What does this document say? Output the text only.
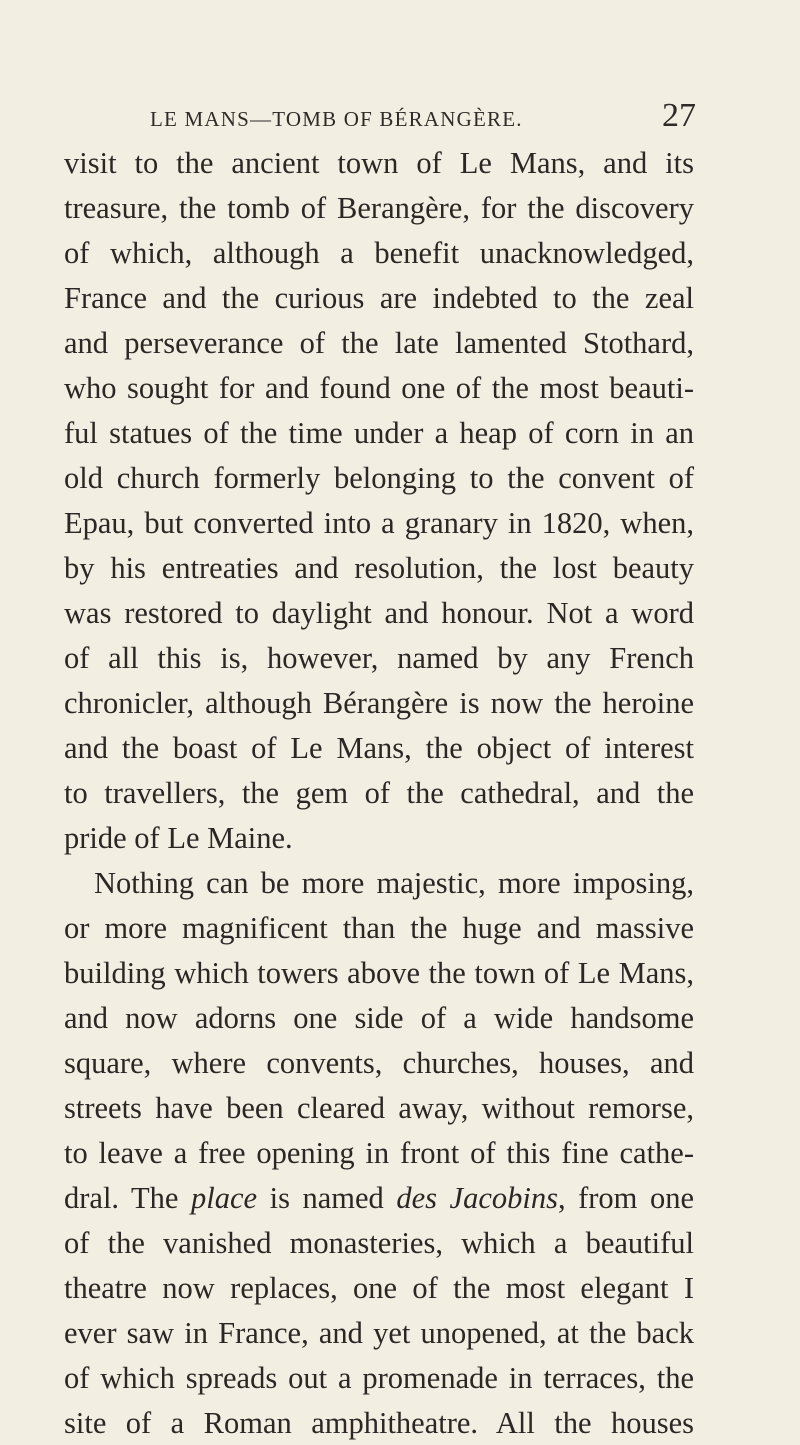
LE MANS—TOMB OF BÉRANGÈRE.	27
visit to the ancient town of Le Mans, and its
treasure, the tomb of Berangère, for the discovery
of which, although a benefit unacknowledged,
France and the curious are indebted to the zeal
and perseverance of the late lamented Stothard,
who sought for and found one of the most beauti-
ful statues of the time under a heap of corn in an
old church formerly belonging to the convent of
Epau, but converted into a granary in 1820, when,
by his entreaties and resolution, the lost beauty
was restored to daylight and honour. Not a word
of all this is, however, named by any French
chronicler, although Bérangère is now the heroine
and the boast of Le Mans, the object of interest
to travellers, the gem of the cathedral, and the
pride of Le Maine.
Nothing can be more majestic, more imposing,
or more magnificent than the huge and massive
building which towers above the town of Le Mans,
and now adorns one side of a wide handsome
square, where convents, churches, houses, and
streets have been cleared away, without remorse,
to leave a free opening in front of this fine cathe-
dral. The place is named des Jacobins, from one
of the vanished monasteries, which a beautiful
theatre now replaces, one of the most elegant I
ever saw in France, and yet unopened, at the back
of which spreads out a promenade in terraces, the
site of a Roman amphitheatre. All the houses
